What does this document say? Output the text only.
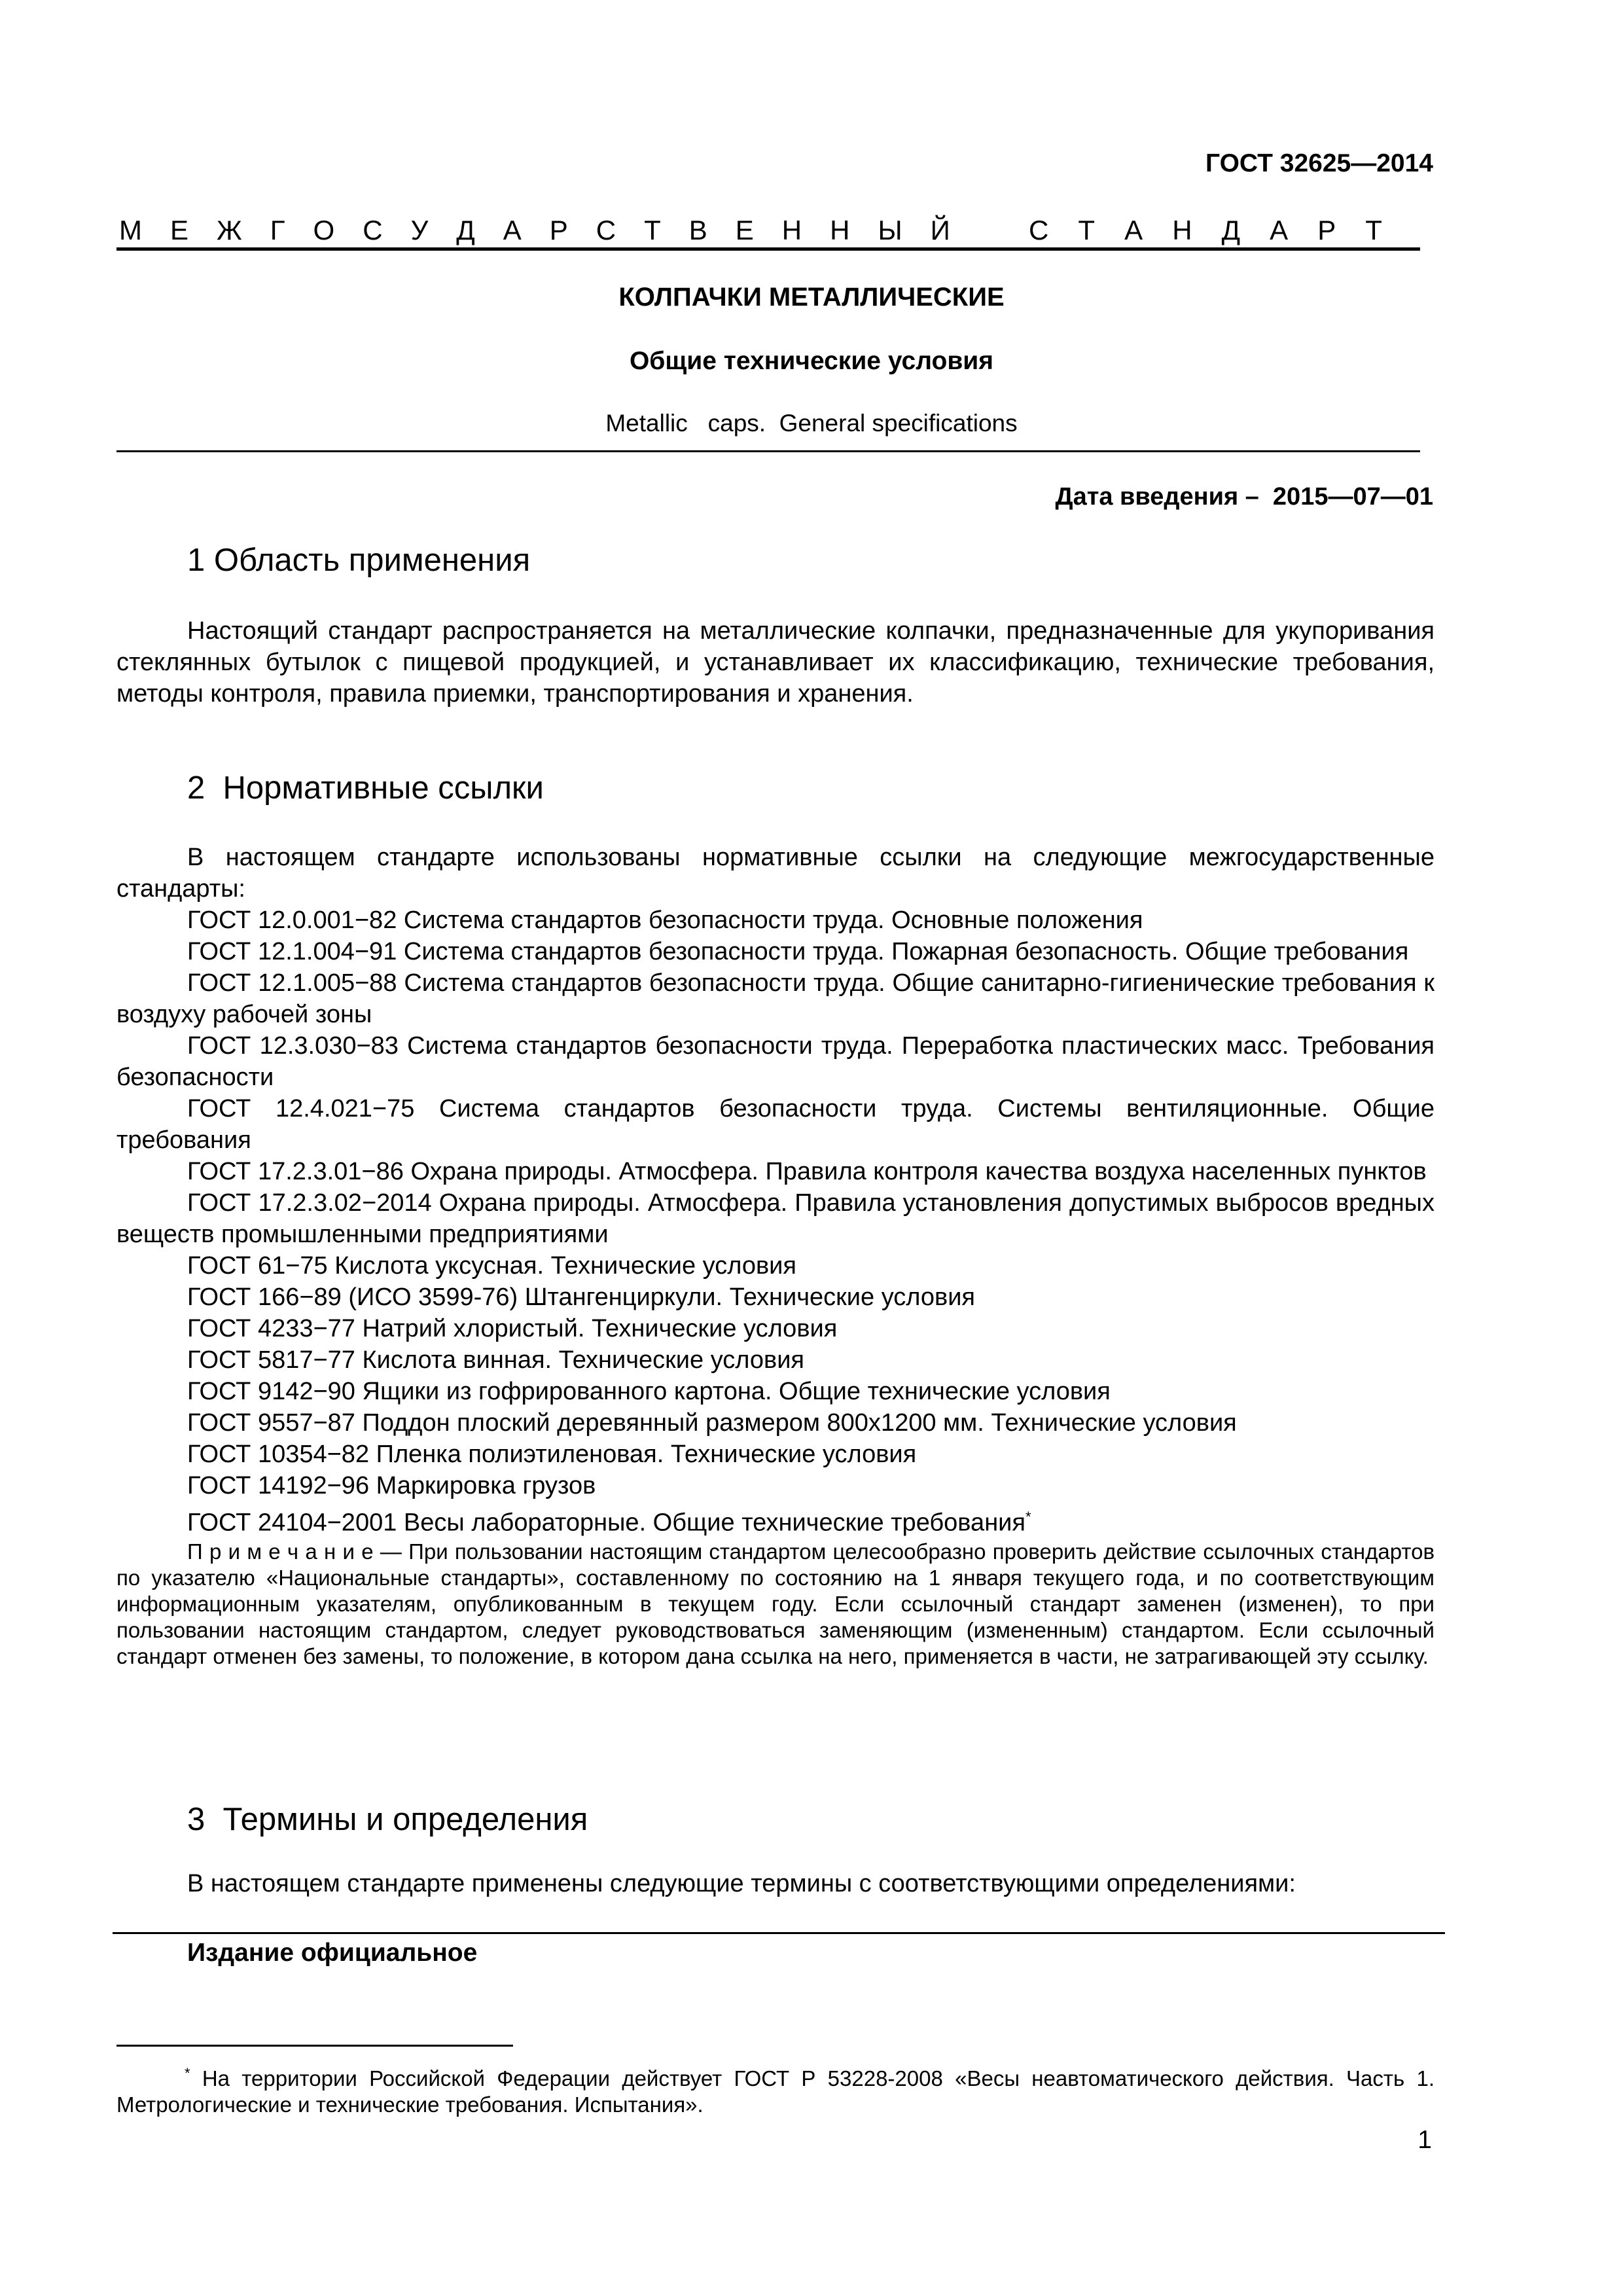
ГОСТ 32625—2014
М Е Ж Г О С У Д А Р С Т В Е Н Н Ы Й	С Т А Н Д А Р Т
КОЛПАЧКИ МЕТАЛЛИЧЕСКИЕ
Общие технические условия
Metallic   caps.  General specifications
Дата введения –  2015—07—01
1 Область применения
Настоящий стандарт распространяется на металлические колпачки, предназначенные для укупоривания стеклянных бутылок с пищевой продукцией, и устанавливает их классификацию, технические требования, методы контроля, правила приемки, транспортирования и хранения.
2  Нормативные ссылки
В настоящем стандарте использованы нормативные ссылки на следующие межгосударственные стандарты:
ГОСТ 12.0.001−82 Система стандартов безопасности труда. Основные положения
ГОСТ 12.1.004−91 Система стандартов безопасности труда. Пожарная безопасность. Общие требования
ГОСТ 12.1.005−88 Система стандартов безопасности труда. Общие санитарно-гигиенические требования к воздуху рабочей зоны
ГОСТ 12.3.030−83 Система стандартов безопасности труда. Переработка пластических масс. Требования безопасности
ГОСТ 12.4.021−75 Система стандартов безопасности труда. Системы вентиляционные. Общие требования
ГОСТ 17.2.3.01−86 Охрана природы. Атмосфера. Правила контроля качества воздуха населенных пунктов
ГОСТ 17.2.3.02−2014 Охрана природы. Атмосфера. Правила установления допустимых выбросов вредных веществ промышленными предприятиями
ГОСТ 61−75 Кислота уксусная. Технические условия
ГОСТ 166−89 (ИСО 3599-76) Штангенциркули. Технические условия
ГОСТ 4233−77 Натрий хлористый. Технические условия
ГОСТ 5817−77 Кислота винная. Технические условия
ГОСТ 9142−90 Ящики из гофрированного картона. Общие технические условия
ГОСТ 9557−87 Поддон плоский деревянный размером 800х1200 мм. Технические условия
ГОСТ 10354−82 Пленка полиэтиленовая. Технические условия
ГОСТ 14192−96 Маркировка грузов
ГОСТ 24104−2001 Весы лабораторные. Общие технические требования*
П р и м е ч а н и е — При пользовании настоящим стандартом целесообразно проверить действие ссылочных стандартов по указателю «Национальные стандарты», составленному по состоянию на 1 января текущего года, и по соответствующим информационным указателям, опубликованным в текущем году. Если ссылочный стандарт заменен (изменен), то при пользовании настоящим стандартом, следует руководствоваться заменяющим (измененным) стандартом. Если ссылочный стандарт отменен без замены, то положение, в котором дана ссылка на него, применяется в части, не затрагивающей эту ссылку.
3  Термины и определения
В настоящем стандарте применены следующие термины с соответствующими определениями:
Издание официальное
* На территории Российской Федерации действует ГОСТ Р 53228-2008 «Весы неавтоматического действия. Часть 1. Метрологические и технические требования. Испытания».
1
